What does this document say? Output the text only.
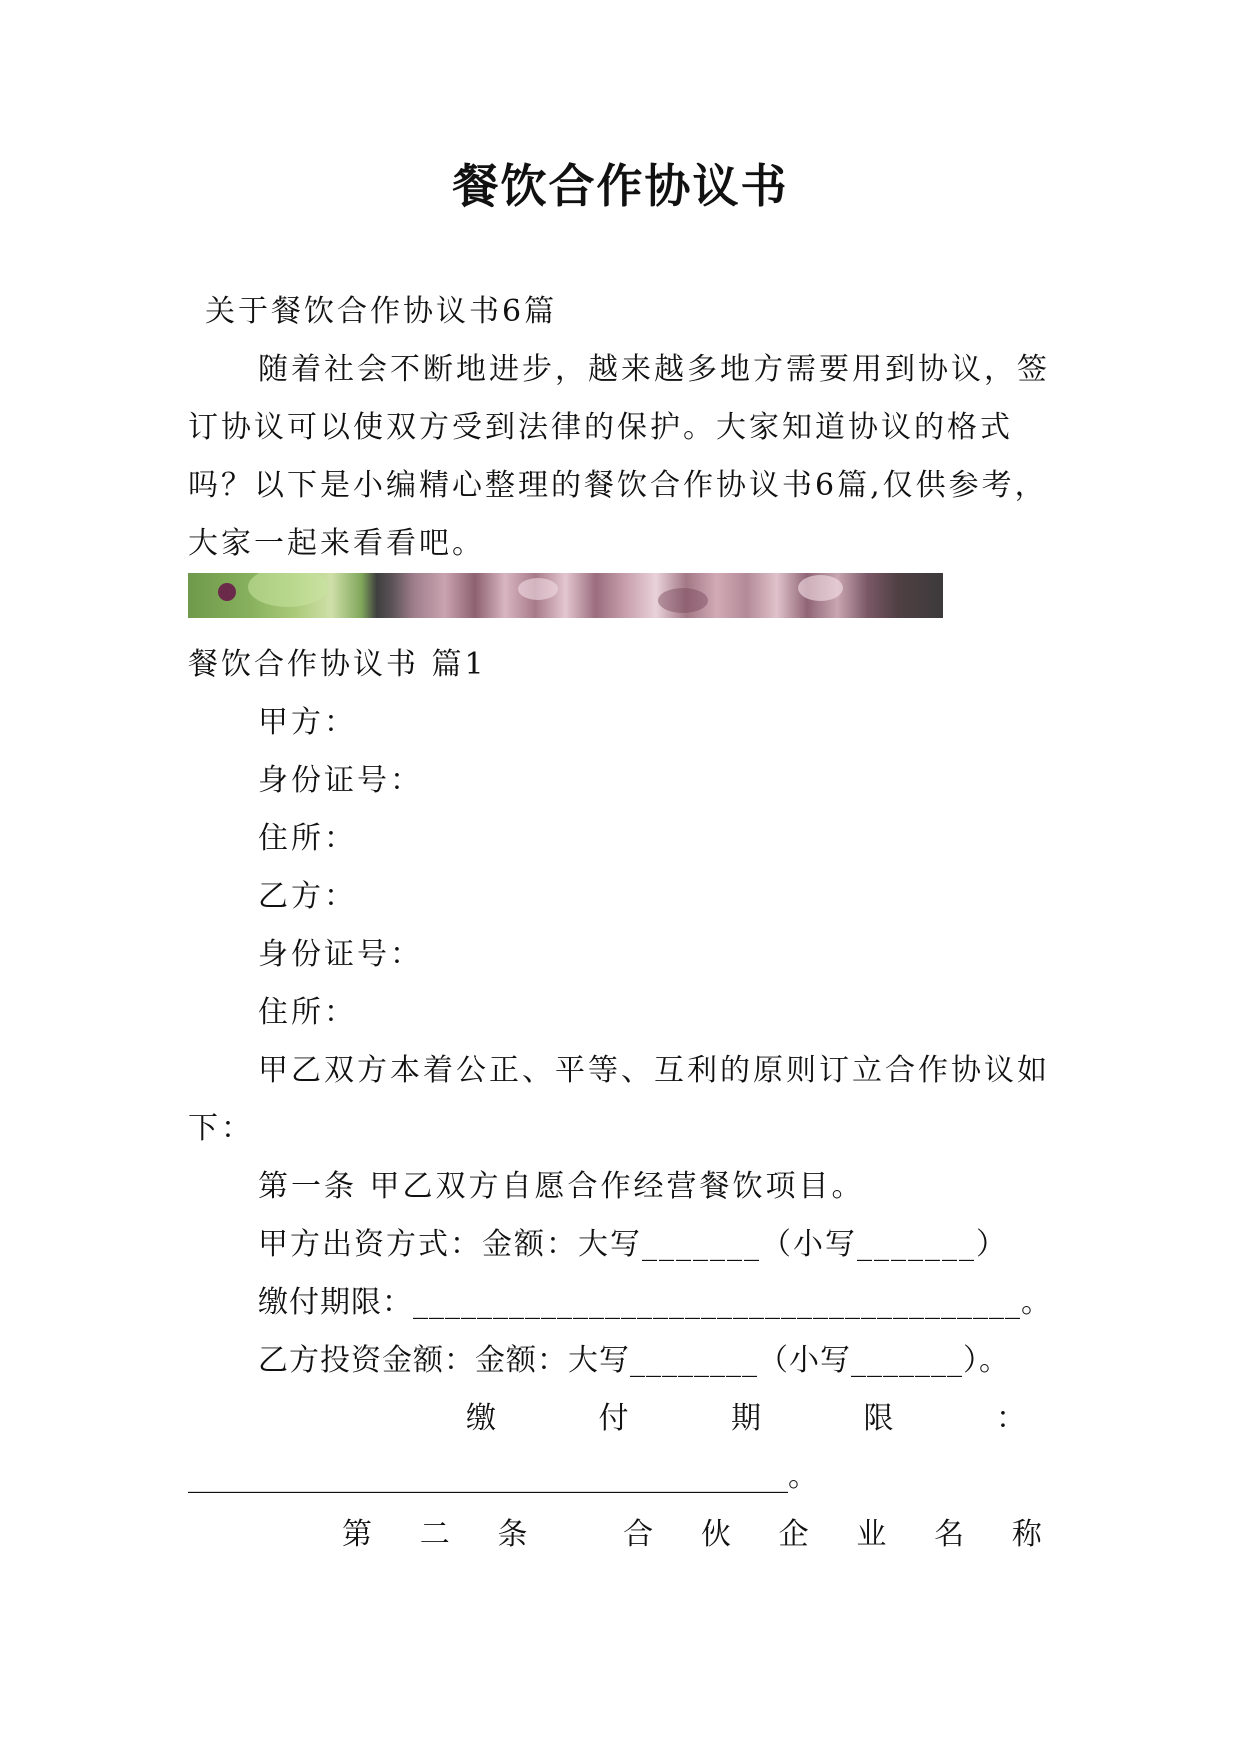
餐饮合作协议书
关于餐饮合作协议书6篇
随着社会不断地进步，越来越多地方需要用到协议，签
订协议可以使双方受到法律的保护。大家知道协议的格式
吗？以下是小编精心整理的餐饮合作协议书6篇,仅供参考，
大家一起来看看吧。
餐饮合作协议书 篇1
甲方：
身份证号：
住所：
乙方：
身份证号：
住所：
甲乙双方本着公正、平等、互利的原则订立合作协议如
下：
第一条 甲乙双方自愿合作经营餐饮项目。
甲方出资方式：金额：大写_______（小写_______）
缴付期限：______________________________________。
乙方投资金额：金额：大写________（小写_______）。
缴	付	期	限	：
________________________________________。
第 二 条	合 伙 企 业 名 称
